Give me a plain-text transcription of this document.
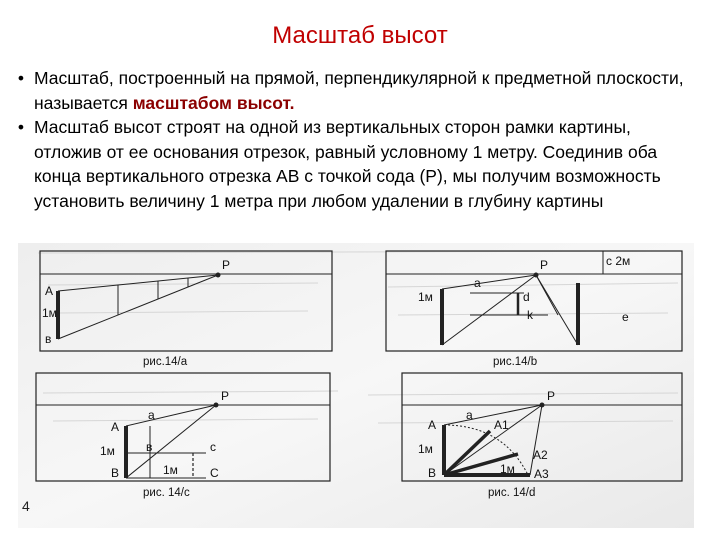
Масштаб высот
• Масштаб, построенный на прямой, перпендикулярной к предметной плоскости, называется масштабом высот.
• Масштаб высот строят на одной из вертикальных сторон рамки картины, отложив от ее основания отрезок, равный условному 1 метру. Соединив оба конца вертикального отрезка АВ с точкой сода (Р), мы получим возможность установить величину 1 метра при любом удалении в глубину картины
Р
А
1м
в
рис.14/а
Р
а
1м	d
k
с 2м
е
рис.14/b
Р
а
А
1м	в	с
В	1м	С
рис. 14/c
Р
а
А	А1
1м	А2
В	1м А3
рис. 14/d
4
